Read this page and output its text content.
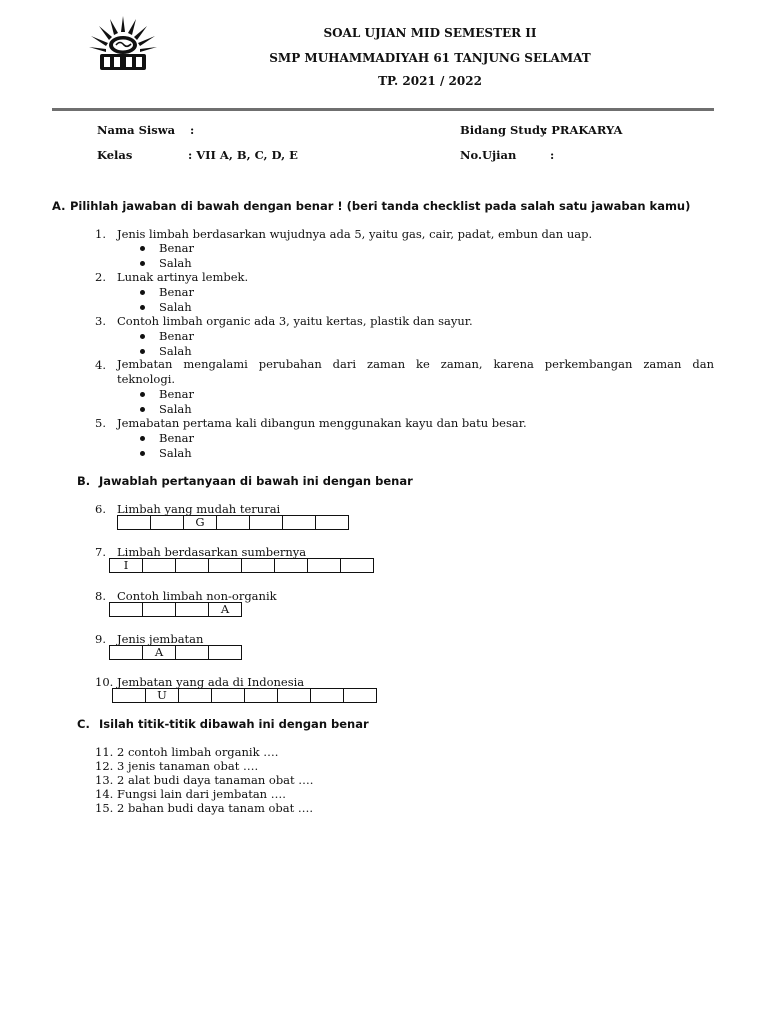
SOAL UJIAN MID SEMESTER II
SMP MUHAMMADIYAH 61 TANJUNG SELAMAT
TP. 2021 / 2022
Nama Siswa :
Kelas	: VII A, B, C, D, E
Bidang Study
: PRAKARYA
No.Ujian	:
A. Pilihlah jawaban di bawah dengan benar ! (beri tanda checklist pada salah satu jawaban kamu)
1. Jenis limbah berdasarkan wujudnya ada 5, yaitu gas, cair, padat, embun dan uap.
Benar
Salah
2. Lunak artinya lembek.
Benar
Salah
3. Contoh limbah organic ada 3, yaitu kertas, plastik dan sayur.
Benar
Salah
4. Jembatan mengalami perubahan dari zaman ke zaman, karena perkembangan zaman dan
teknologi.
Benar
Salah
5. Jemabatan pertama kali dibangun menggunakan kayu dan batu besar.
Benar
Salah
B. Jawablah pertanyaan di bawah ini dengan benar
6. Limbah yang mudah terurai
G
7. Limbah berdasarkan sumbernya
I
8. Contoh limbah non-organik
A
9. Jenis jembatan
A
10. Jembatan yang ada di Indonesia
U
C. Isilah titik-titik dibawah ini dengan benar
11. 2 contoh limbah organik ….
12. 3 jenis tanaman obat ….
13. 2 alat budi daya tanaman obat ….
14. Fungsi lain dari jembatan ….
15. 2 bahan budi daya tanam obat ….
